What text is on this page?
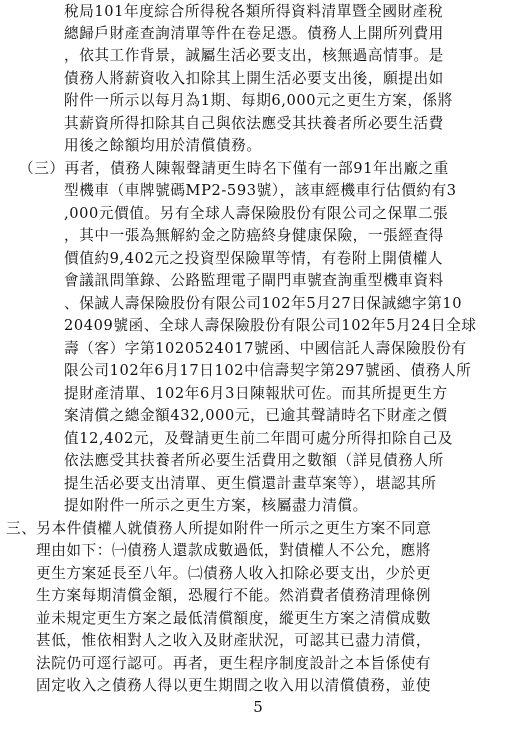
稅局101年度綜合所得稅各類所得資料清單暨全國財產稅
總歸戶財產查詢清單等件在卷足憑。債務人上開所列費用
，依其工作背景，誠屬生活必要支出，核無過高情事。是
債務人將薪資收入扣除其上開生活必要支出後，願提出如
附件一所示以每月為1期、每期6,000元之更生方案，係將
其薪資所得扣除其自己與依法應受其扶養者所必要生活費
用後之餘額均用於清償債務。
（三）再者，債務人陳報聲請更生時名下僅有一部91年出廠之重
型機車（車牌號碼MP2-593號），該車經機車行估價約有3
,000元價值。另有全球人壽保險股份有限公司之保單二張
，其中一張為無解約金之防癌終身健康保險，一張經查得
價值約9,402元之投資型保險單等情，有卷附上開債權人
會議訊問筆錄、公路監理電子閘門車號查詢重型機車資料
、保誠人壽保險股份有限公司102年5月27日保誠總字第10
20409號函、全球人壽保險股份有限公司102年5月24日全球
壽（客）字第1020524017號函、中國信託人壽保險股份有
限公司102年6月17日102中信壽契字第297號函、債務人所
提財產清單、102年6月3日陳報狀可佐。而其所提更生方
案清償之總金額432,000元，已逾其聲請時名下財產之價
值12,402元，及聲請更生前二年間可處分所得扣除自己及
依法應受其扶養者所必要生活費用之數額（詳見債務人所
提生活必要支出清單、更生償還計畫草案等），堪認其所
提如附件一所示之更生方案，核屬盡力清償。
三、另本件債權人就債務人所提如附件一所示之更生方案不同意
理由如下：㈠債務人還款成數過低，對債權人不公允，應將
更生方案延長至八年。㈡債務人收入扣除必要支出，少於更
生方案每期清償金額，恐履行不能。然消費者債務清理條例
並未規定更生方案之最低清償額度，縱更生方案之清償成數
甚低，惟依相對人之收入及財產狀況，可認其已盡力清償，
法院仍可逕行認可。再者，更生程序制度設計之本旨係使有
固定收入之債務人得以更生期間之收入用以清償債務，並使
5
